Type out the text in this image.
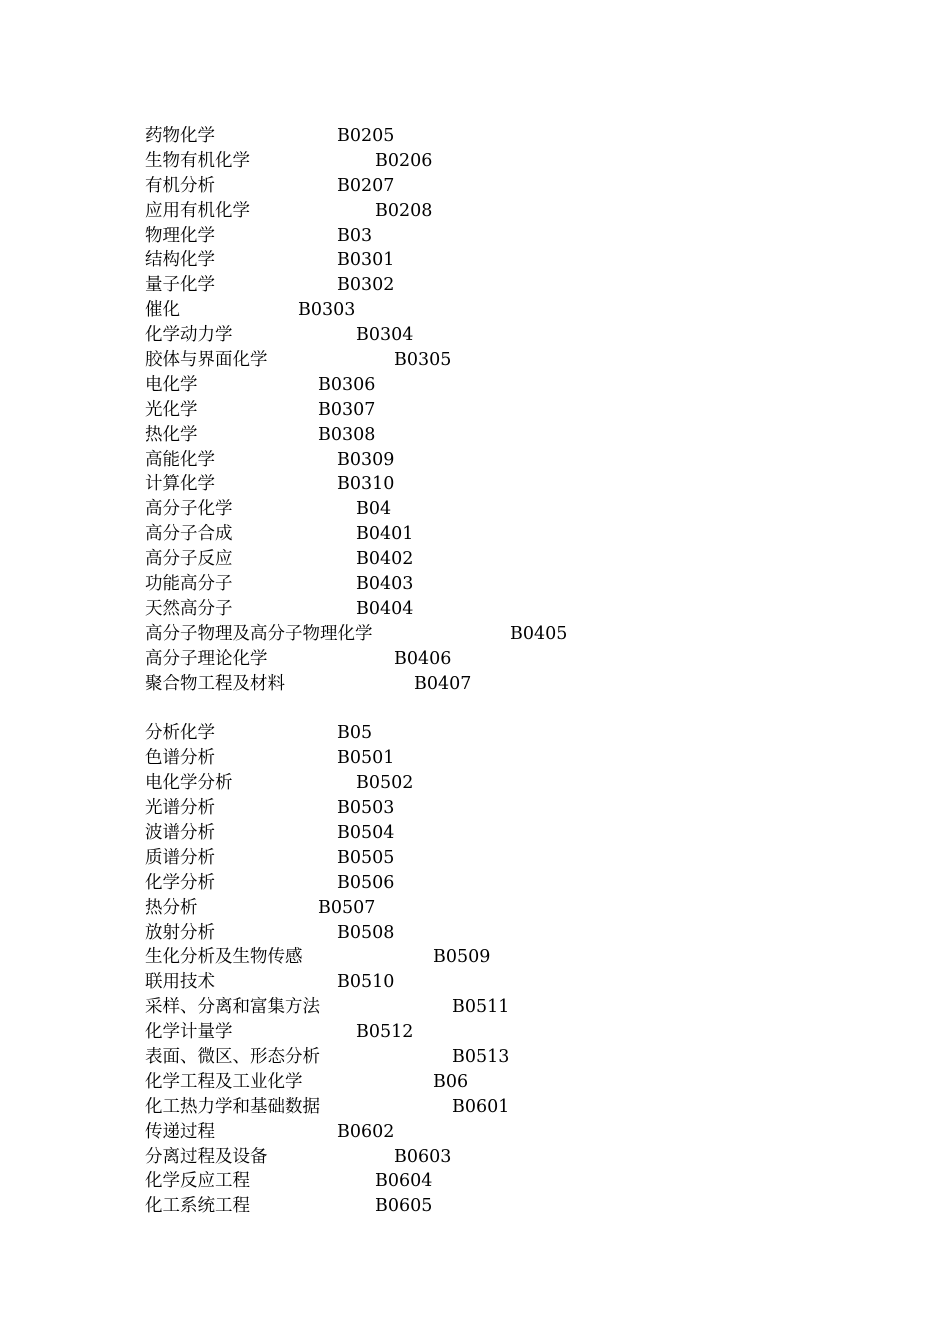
药物化学	B0205
生物有机化学	B0206
有机分析	B0207
应用有机化学	B0208
物理化学	B03
结构化学	B0301
量子化学	B0302
催化	B0303
化学动力学	B0304
胶体与界面化学	B0305
电化学	B0306
光化学	B0307
热化学	B0308
高能化学	B0309
计算化学	B0310
高分子化学	B04
高分子合成	B0401
高分子反应	B0402
功能高分子	B0403
天然高分子	B0404
高分子物理及高分子物理化学	B0405
高分子理论化学	B0406
聚合物工程及材料	B0407
分析化学	B05
色谱分析	B0501
电化学分析	B0502
光谱分析	B0503
波谱分析	B0504
质谱分析	B0505
化学分析	B0506
热分析	B0507
放射分析	B0508
生化分析及生物传感	B0509
联用技术	B0510
采样、分离和富集方法	B0511
化学计量学	B0512
表面、微区、形态分析	B0513
化学工程及工业化学	B06
化工热力学和基础数据	B0601
传递过程	B0602
分离过程及设备	B0603
化学反应工程	B0604
化工系统工程	B0605
